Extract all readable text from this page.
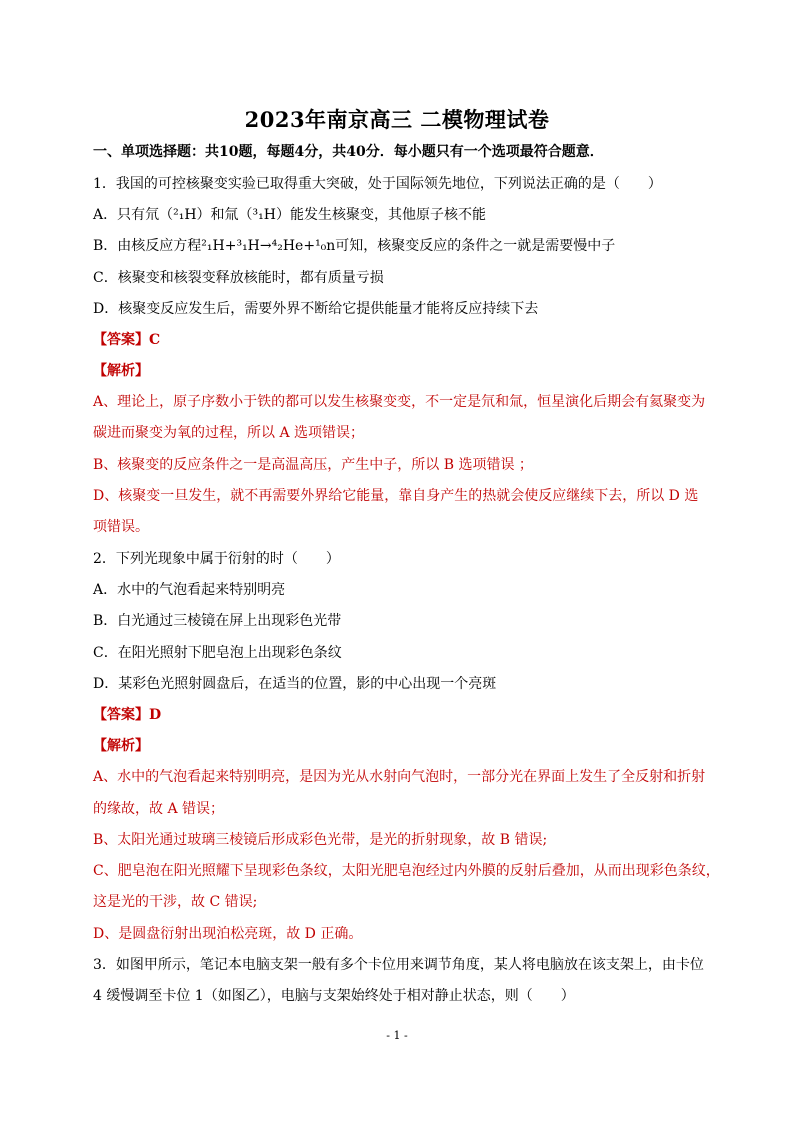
2023年南京高三 二模物理试卷
一、单项选择题：共10题，每题4分，共40分．每小题只有一个选项最符合题意．
1．我国的可控核聚变实验已取得重大突破，处于国际领先地位，下列说法正确的是（　　）
A．只有氘（²₁H）和氚（³₁H）能发生核聚变，其他原子核不能
B．由核反应方程²₁H+³₁H→⁴₂He+¹₀n可知，核聚变反应的条件之一就是需要慢中子
C．核聚变和核裂变释放核能时，都有质量亏损
D．核聚变反应发生后，需要外界不断给它提供能量才能将反应持续下去
【答案】C
【解析】
A、理论上，原子序数小于铁的都可以发生核聚变变，不一定是氘和氚，恒星演化后期会有氦聚变为
碳进而聚变为氧的过程，所以 A 选项错误；
B、核聚变的反应条件之一是高温高压，产生中子，所以 B 选项错误 ；
D、核聚变一旦发生，就不再需要外界给它能量，靠自身产生的热就会使反应继续下去，所以 D 选
项错误。
2．下列光现象中属于衍射的时（　　）
A．水中的气泡看起来特别明亮
B．白光通过三棱镜在屏上出现彩色光带
C．在阳光照射下肥皂泡上出现彩色条纹
D．某彩色光照射圆盘后，在适当的位置，影的中心出现一个亮斑
【答案】D
【解析】
A、水中的气泡看起来特别明亮，是因为光从水射向气泡时，一部分光在界面上发生了全反射和折射
的缘故，故 A 错误；
B、太阳光通过玻璃三棱镜后形成彩色光带，是光的折射现象，故 B 错误;
C、肥皂泡在阳光照耀下呈现彩色条纹，太阳光肥皂泡经过内外膜的反射后叠加，从而出现彩色条纹，
这是光的干涉，故 C 错误;
D、是圆盘衍射出现泊松亮斑，故 D 正确。
3．如图甲所示，笔记本电脑支架一般有多个卡位用来调节角度，某人将电脑放在该支架上，由卡位
4 缓慢调至卡位 1（如图乙），电脑与支架始终处于相对静止状态，则（　　）
- 1 -
